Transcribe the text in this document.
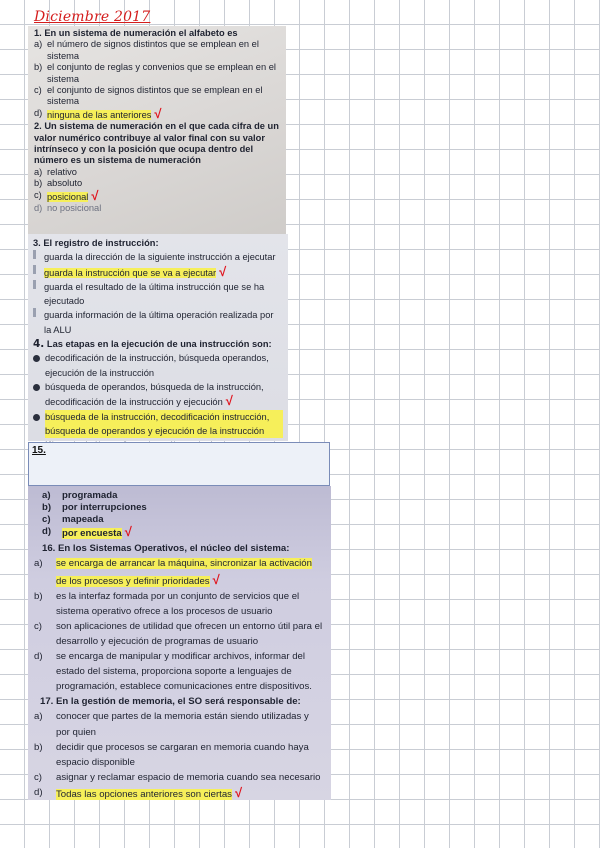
Diciembre 2017
1. En un sistema de numeración el alfabeto es
a) el número de signos distintos que se emplean en el sistema
b) el conjunto de reglas y convenios que se emplean en el sistema
c) el conjunto de signos distintos que se emplean en el sistema
d) ninguna de las anteriores √
2. Un sistema de numeración en el que cada cifra de un valor numérico contribuye al valor final con su valor intrínseco y con la posición que ocupa dentro del número es un sistema de numeración
a) relativo
b) absoluto
c) posicional √
d) no posicional
3. El registro de instrucción:
guarda la dirección de la siguiente instrucción a ejecutar
guarda la instrucción que se va a ejecutar √
guarda el resultado de la última instrucción que se ha ejecutado
guarda información de la última operación realizada por la ALU
4. Las etapas en la ejecución de una instrucción son:
decodificación de la instrucción, búsqueda operandos, ejecución de la instrucción
búsqueda de operandos, búsqueda de la instrucción, decodificación de la instrucción y ejecución √
búsqueda de la instrucción, decodificación instrucción, búsqueda de operandos y ejecución de la instrucción
15.
a)	programada
b)	por interrupciones
c)	mapeada
d)	por encuesta √
16. En los Sistemas Operativos, el núcleo del sistema:
a)	se encarga de arrancar la máquina, sincronizar la activación de los procesos y definir prioridades √
b)	es la interfaz formada por un conjunto de servicios que el sistema operativo ofrece a los procesos de usuario
c)	son aplicaciones de utilidad que ofrecen un entorno útil para el desarrollo y ejecución de programas de usuario
d)	se encarga de manipular y modificar archivos, informar del estado del sistema, proporciona soporte a lenguajes de programación, establece comunicaciones entre dispositivos.
17. En la gestión de memoria, el SO será responsable de:
a)	conocer que partes de la memoria están siendo utilizadas y por quien
b)	decidir que procesos se cargaran en memoria cuando haya espacio disponible
c)	asignar y reclamar espacio de memoria cuando sea necesario
d)	Todas las opciones anteriores son ciertas √
